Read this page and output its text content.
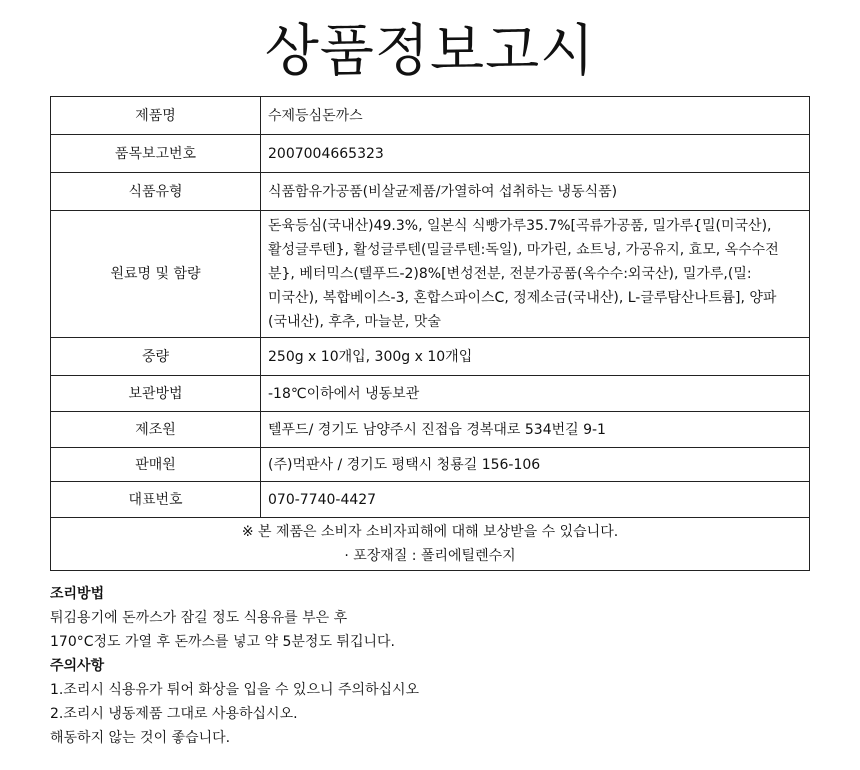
상품정보고시
제품명	수제등심돈까스
품목보고번호	2007004665323
식품유형	식품함유가공품(비살균제품/가열하여 섭취하는 냉동식품)
원료명 및 함량	돈육등심(국내산)49.3%, 일본식 식빵가루35.7%[곡류가공품, 밀가루{밀(미국산),
활성글루텐}, 활성글루텐(밀글루텐:독일), 마가린, 쇼트닝, 가공유지, 효모, 옥수수전
분}, 베터믹스(텔푸드-2)8%[변성전분, 전분가공품(옥수수:외국산), 밀가루,(밀:
미국산), 복합베이스-3, 혼합스파이스C, 정제소금(국내산), L-글루탐산나트륨], 양파
(국내산), 후추, 마늘분, 맛술

중량	250g x 10개입, 300g x 10개입
보관방법	-18℃이하에서 냉동보관
제조원	텔푸드/ 경기도 남양주시 진접읍 경복대로 534번길 9-1
판매원	(주)먹판사 / 경기도 평택시 청룡길 156-106
대표번호	070-7740-4427

※ 본 제품은 소비자 소비자피해에 대해 보상받을 수 있습니다.
· 포장재질 : 폴리에틸렌수지	
조리방법
튀김용기에 돈까스가 잠길 정도 식용유를 부은 후
170°C정도 가열 후 돈까스를 넣고 약 5분정도 튀깁니다.
주의사항
1.조리시 식용유가 튀어 화상을 입을 수 있으니 주의하십시오
2.조리시 냉동제품 그대로 사용하십시오.
해동하지 않는 것이 좋습니다.
